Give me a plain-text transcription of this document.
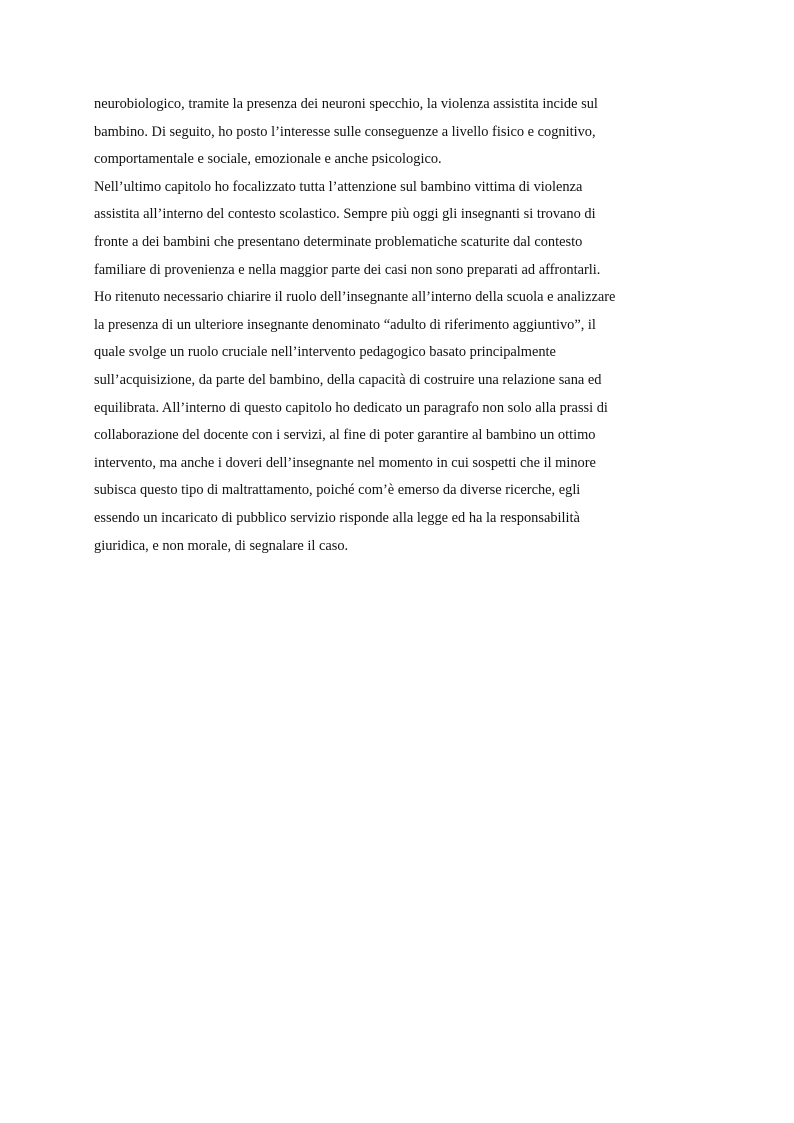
neurobiologico, tramite la presenza dei neuroni specchio, la violenza assistita incide sul
bambino. Di seguito, ho posto l’interesse sulle conseguenze a livello fisico e cognitivo,
comportamentale e sociale, emozionale e anche psicologico.
Nell’ultimo capitolo ho focalizzato tutta l’attenzione sul bambino vittima di violenza
assistita all’interno del contesto scolastico. Sempre più oggi gli insegnanti si trovano di
fronte a dei bambini che presentano determinate problematiche scaturite dal contesto
familiare di provenienza e nella maggior parte dei casi non sono preparati ad affrontarli.
Ho ritenuto necessario chiarire il ruolo dell’insegnante all’interno della scuola e analizzare
la presenza di un ulteriore insegnante denominato “adulto di riferimento aggiuntivo”, il
quale svolge un ruolo cruciale nell’intervento pedagogico basato principalmente
sull’acquisizione, da parte del bambino, della capacità di costruire una relazione sana ed
equilibrata. All’interno di questo capitolo ho dedicato un paragrafo non solo alla prassi di
collaborazione del docente con i servizi, al fine di poter garantire al bambino un ottimo
intervento, ma anche i doveri dell’insegnante nel momento in cui sospetti che il minore
subisca questo tipo di maltrattamento, poiché com’è emerso da diverse ricerche, egli
essendo un incaricato di pubblico servizio risponde alla legge ed ha la responsabilità
giuridica, e non morale, di segnalare il caso.
